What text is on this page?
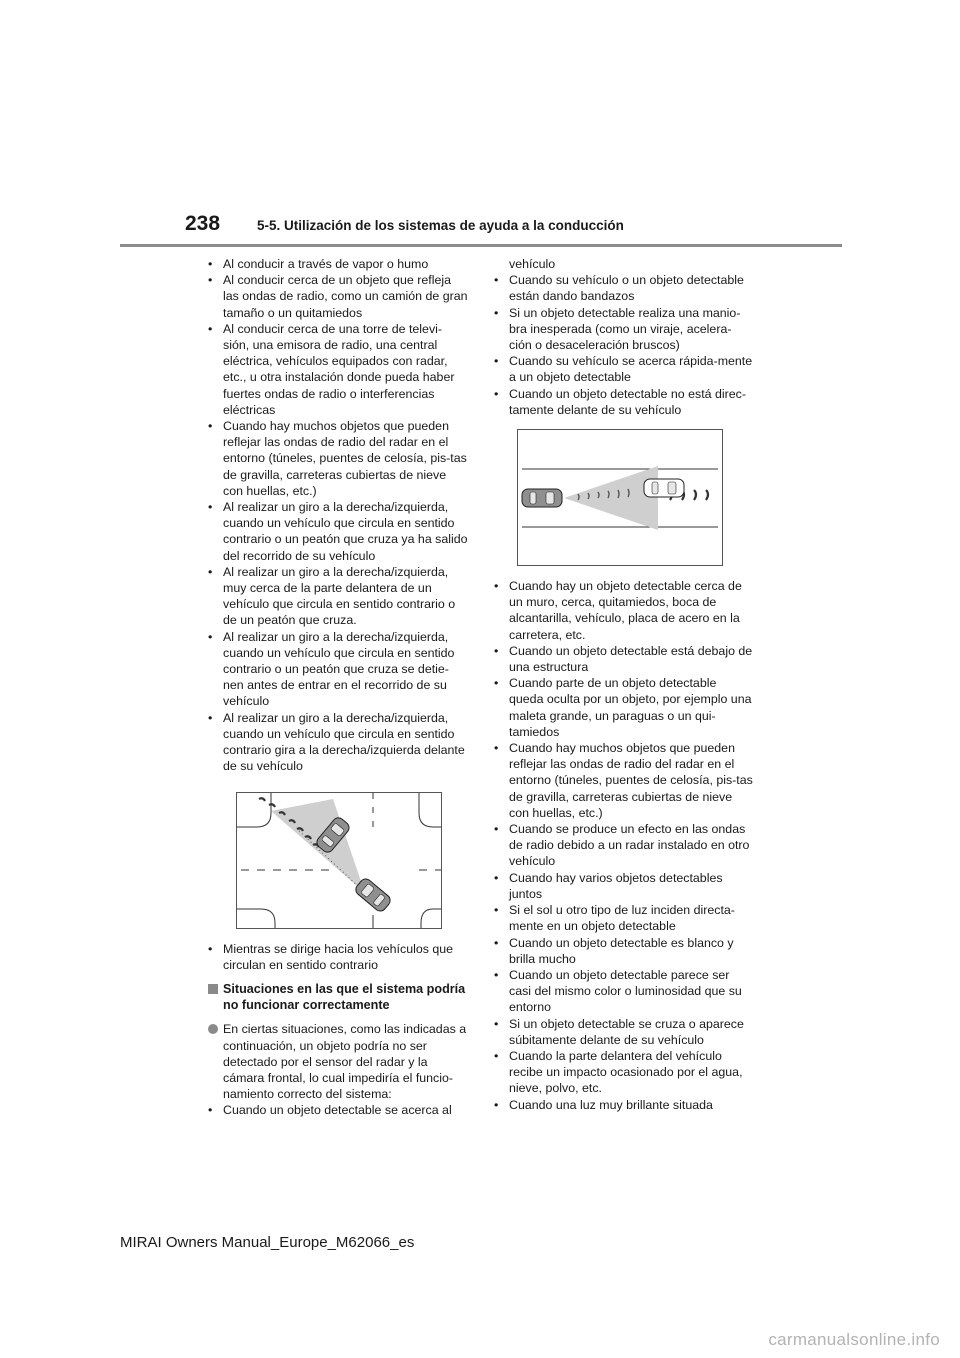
238	5-5. Utilización de los sistemas de ayuda a la conducción
• Al conducir a través de vapor o humo
• Al conducir cerca de un objeto que refleja las ondas de radio, como un camión de gran tamaño o un quitamiedos
• Al conducir cerca de una torre de televi-sión, una emisora de radio, una central eléctrica, vehículos equipados con radar, etc., u otra instalación donde pueda haber fuertes ondas de radio o interferencias eléctricas
• Cuando hay muchos objetos que pueden reflejar las ondas de radio del radar en el entorno (túneles, puentes de celosía, pis-tas de gravilla, carreteras cubiertas de nieve con huellas, etc.)
• Al realizar un giro a la derecha/izquierda, cuando un vehículo que circula en sentido contrario o un peatón que cruza ya ha salido del recorrido de su vehículo
• Al realizar un giro a la derecha/izquierda, muy cerca de la parte delantera de un vehículo que circula en sentido contrario o de un peatón que cruza.
• Al realizar un giro a la derecha/izquierda, cuando un vehículo que circula en sentido contrario o un peatón que cruza se detie-nen antes de entrar en el recorrido de su vehículo
• Al realizar un giro a la derecha/izquierda, cuando un vehículo que circula en sentido contrario gira a la derecha/izquierda delante de su vehículo
• Mientras se dirige hacia los vehículos que circulan en sentido contrario
Situaciones en las que el sistema podría no funcionar correctamente
En ciertas situaciones, como las indicadas a continuación, un objeto podría no ser detectado por el sensor del radar y la cámara frontal, lo cual impediría el funcio-namiento correcto del sistema:
• Cuando un objeto detectable se acerca al
vehículo
• Cuando su vehículo o un objeto detectable están dando bandazos
• Si un objeto detectable realiza una manio-bra inesperada (como un viraje, acelera-ción o desaceleración bruscos)
• Cuando su vehículo se acerca rápida-mente a un objeto detectable
• Cuando un objeto detectable no está direc-tamente delante de su vehículo
• Cuando hay un objeto detectable cerca de un muro, cerca, quitamiedos, boca de alcantarilla, vehículo, placa de acero en la carretera, etc.
• Cuando un objeto detectable está debajo de una estructura
• Cuando parte de un objeto detectable queda oculta por un objeto, por ejemplo una maleta grande, un paraguas o un qui-tamiedos
• Cuando hay muchos objetos que pueden reflejar las ondas de radio del radar en el entorno (túneles, puentes de celosía, pis-tas de gravilla, carreteras cubiertas de nieve con huellas, etc.)
• Cuando se produce un efecto en las ondas de radio debido a un radar instalado en otro vehículo
• Cuando hay varios objetos detectables juntos
• Si el sol u otro tipo de luz inciden directa-mente en un objeto detectable
• Cuando un objeto detectable es blanco y brilla mucho
• Cuando un objeto detectable parece ser casi del mismo color o luminosidad que su entorno
• Si un objeto detectable se cruza o aparece súbitamente delante de su vehículo
• Cuando la parte delantera del vehículo recibe un impacto ocasionado por el agua, nieve, polvo, etc.
• Cuando una luz muy brillante situada
MIRAI Owners Manual_Europe_M62066_es
carmanualsonline.info
